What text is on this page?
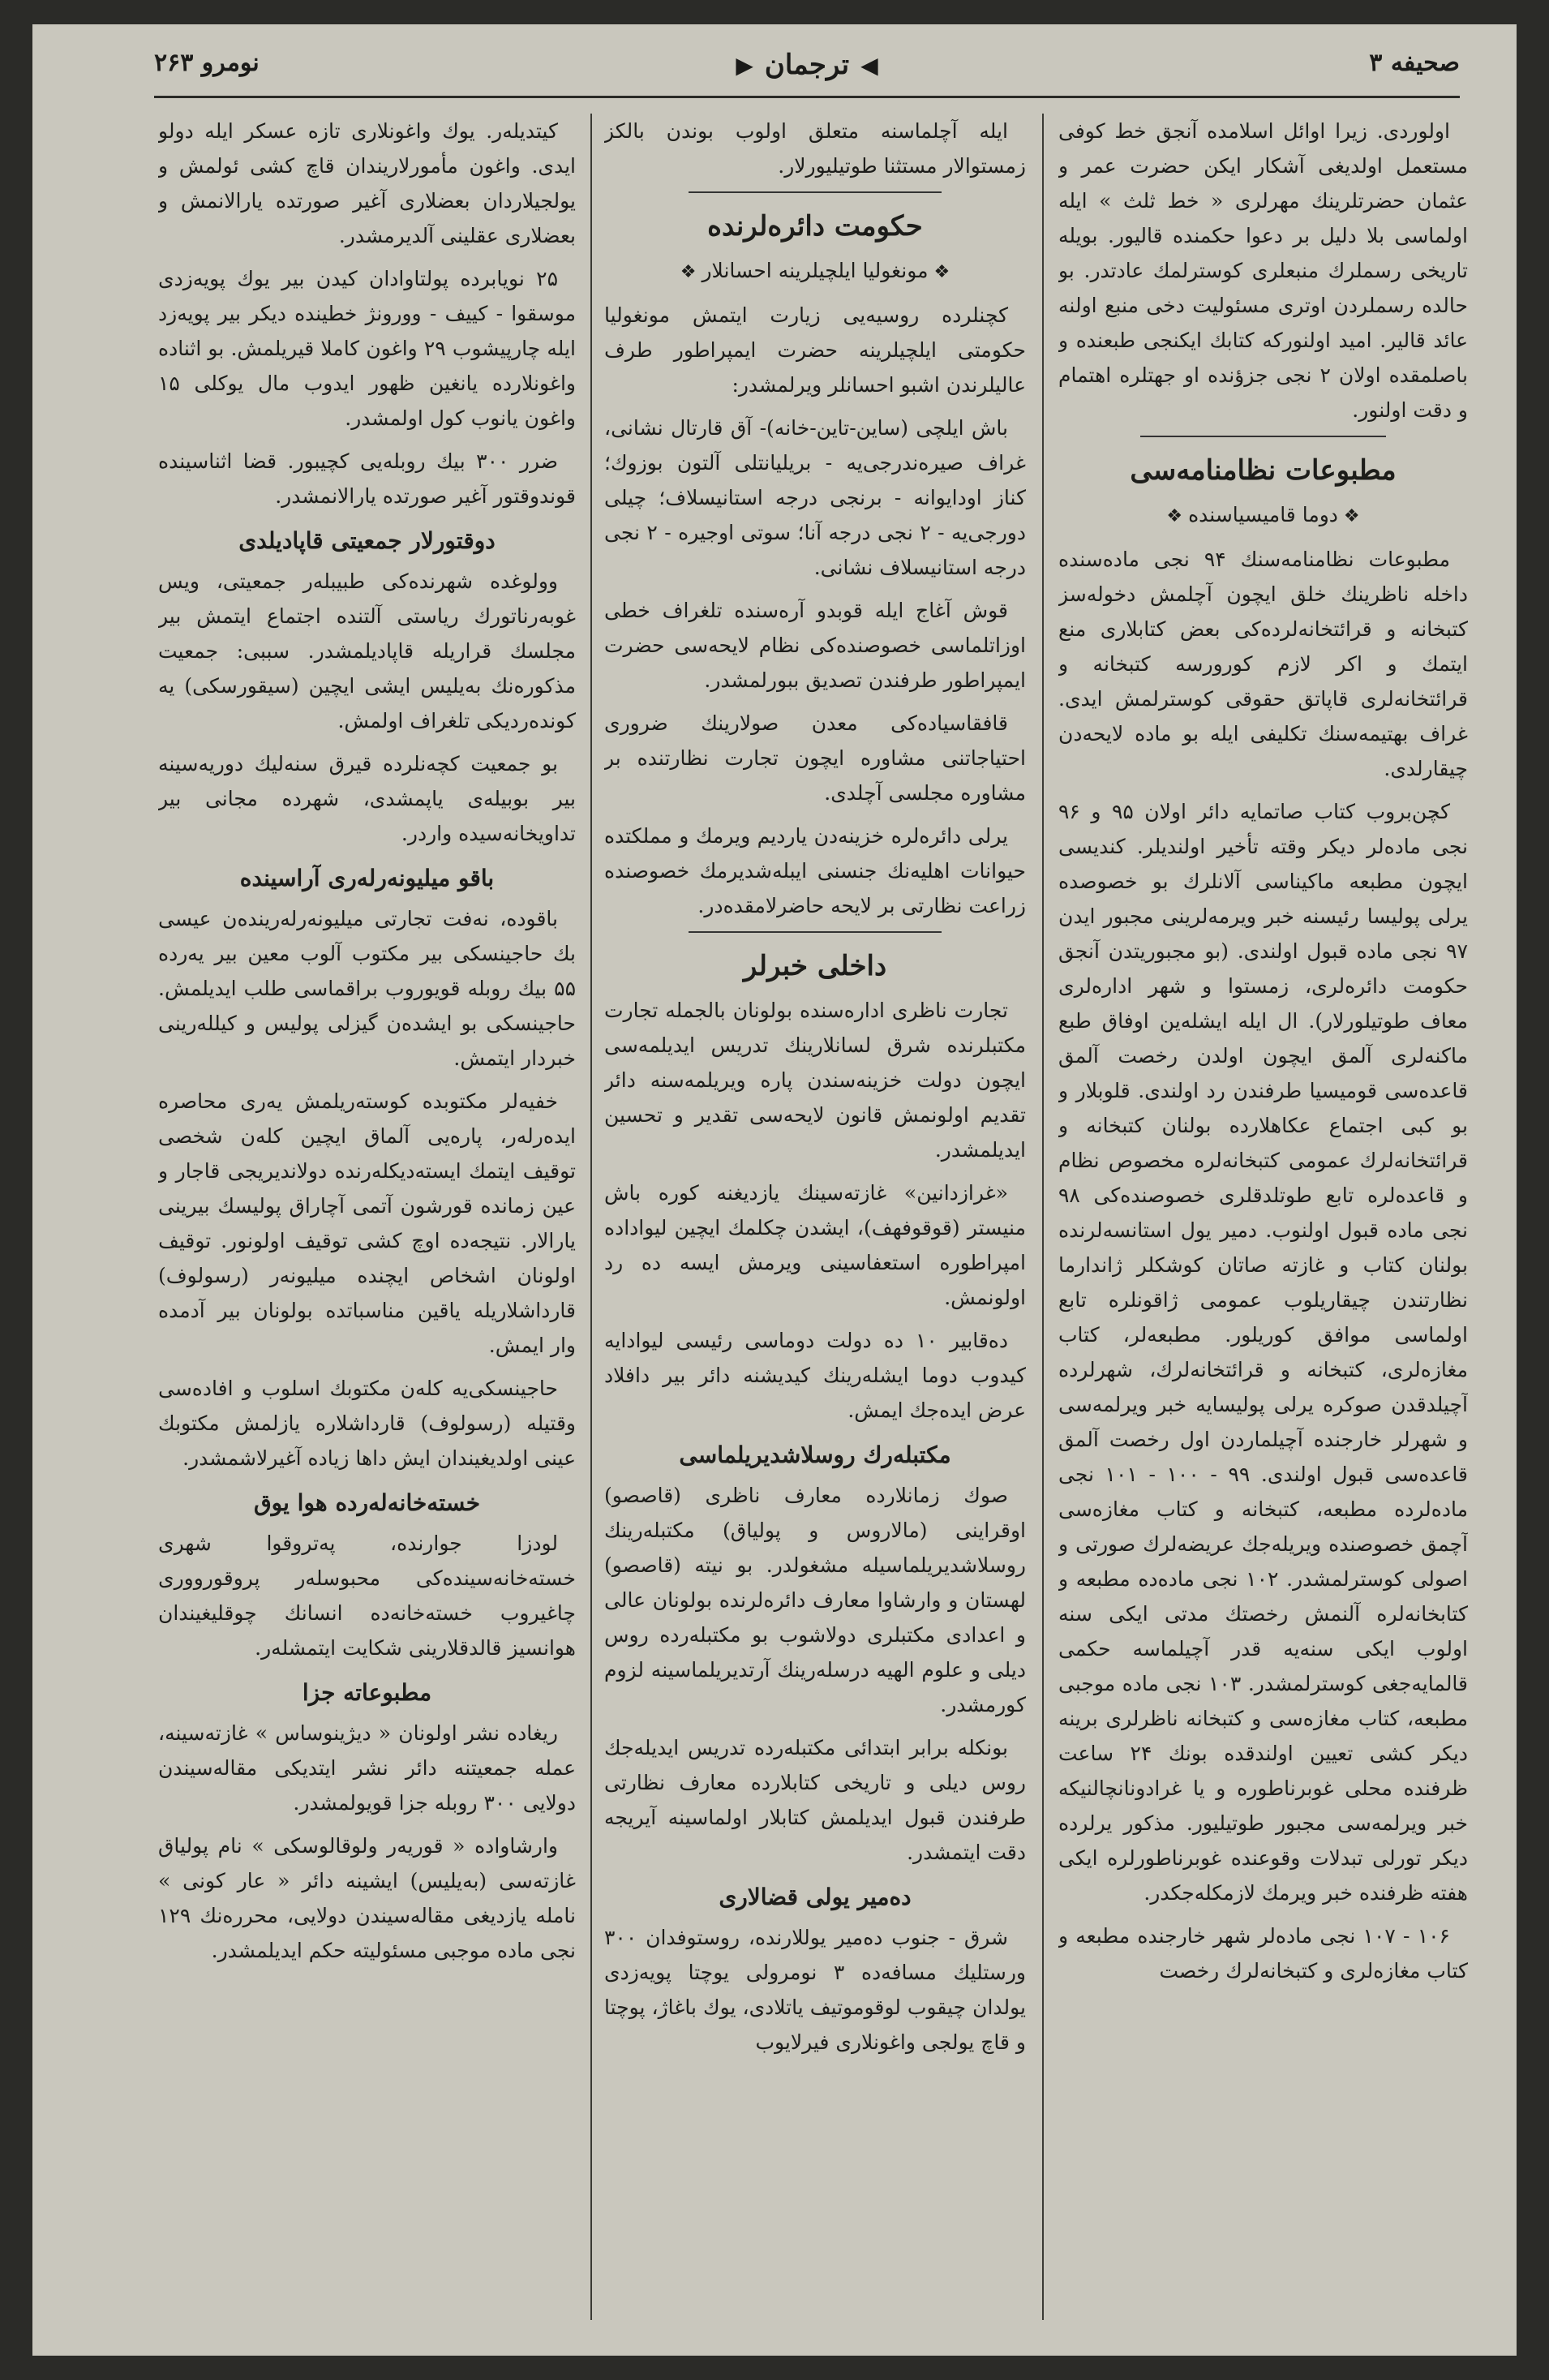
صحیفه ۳
◀
ترجمان
▶
نومرو ۲۶۳

اولوردی. زیرا اوائل اسلامده آنجق خط کوفی مستعمل اولدیغی آشکار ایکن حضرت عمر و عثمان حضرتلرینك مهرلری « خط ثلث » ایله اولماسی بلا دلیل بر دعوا حکمنده قالیور. بویله تاریخی رسملرك منبعلری کوسترلمك عادتدر. بو حالده رسملردن اوتری مسئولیت دخی منبع اولنه عائد قالیر. امید اولنورکه کتابك ایکنجی طبعنده و باصلمقده اولان ۲ نجی جزؤنده او جهتلره اهتمام و دقت اولنور.

مطبوعات نظامنامه‌سی
❖ دوما قامیسیاسنده ❖

مطبوعات نظامنامه‌سنك ۹۴ نجی ماده‌سنده داخله ناظرینك خلق ایچون آچلمش دخوله‌سز کتبخانه و قرائتخانه‌لرده‌کی بعض کتابلاری منع ایتمك و اکر لازم کورورسه کتبخانه و قرائتخانه‌لری قاپاتق حقوقی کوسترلمش ایدی. غراف بهتیمه‌سنك تکلیفی ایله بو ماده لایحه‌دن چیقارلدی.

کچن‌بروب کتاب صاتمایه دائر اولان ۹۵ و ۹۶ نجی ماده‌لر دیکر وقته تأخیر اولندیلر. کندیسی ایچون مطبعه ماکیناسی آلانلرك بو خصوصده یرلی پولیسا رئیسنه خبر ویرمه‌لرینی مجبور ایدن ۹۷ نجی ماده قبول اولندی. (بو مجبوریتدن آنجق حکومت دائره‌لری، زمستوا و شهر ادارەلری معاف طوتیلورلار). ال ایله ایشله‌ین اوفاق طبع ماکنه‌لری آلمق ایچون اولدن رخصت آلمق قاعده‌سی قومیسیا طرفندن رد اولندی. قلوبلار و بو کبی اجتماع عکاهلارده بولنان کتبخانه و قرائتخانه‌لرك عمومی کتبخانه‌لره مخصوص نظام و قاعده‌لره تابع طوتلدقلری خصوصنده‌کی ۹۸ نجی ماده قبول اولنوب. دمیر یول استانسه‌لرنده بولنان کتاب و غازته صاتان کوشکلر ژاندارما نظارتندن چیقاریلوب عمومی ژاقونلره تابع اولماسی موافق کوریلور. مطبعه‌لر، کتاب مغازه‌لری، کتبخانه و قرائتخانه‌لرك، شهرلرده آچیلدقدن صوکره یرلی پولیسایه خبر ویرلمه‌سی و شهرلر خارجنده آچیلماردن اول رخصت آلمق قاعده‌سی قبول اولندی. ۹۹ - ۱۰۰ - ۱۰۱ نجی ماده‌لرده مطبعه، کتبخانه و کتاب مغازه‌سی آچمق خصوصنده ویریله‌جك عریضه‌لرك صورتی و اصولی کوسترلمشدر. ۱۰۲ نجی ماده‌ده مطبعه و کتابخانه‌لره آلنمش رخصتك مدتی ایکی سنه اولوب ایکی سنه‌یه قدر آچیلماسه حکمی قالمایه‌جغی کوسترلمشدر. ۱۰۳ نجی ماده موجبی مطبعه، کتاب مغازه‌سی و کتبخانه ناظرلری برینه دیکر کشی تعیین اولندقده بونك ۲۴ ساعت ظرفنده محلی غوبرناطوره و یا غرادونانچالنیکه خبر ویرلمه‌سی مجبور طوتیلیور. مذکور یرلرده دیکر تورلی تبدلات وقوعنده غوبرناطورلره ایکی هفته ظرفنده خبر ویرمك لازمکله‌جکدر.

۱۰۶ - ۱۰۷ نجی ماده‌لر شهر خارجنده مطبعه و کتاب مغازه‌لری و کتبخانه‌لرك رخصت

ایله آچلماسنه متعلق اولوب بوندن بالکز زمستوا‌لار مستثنا طوتیلیورلار.

حکومت دائره‌لرنده
❖ مونغولیا ایلچیلرینه احسانلار ❖

کچنلرده روسیه‌یی زیارت ایتمش مونغولیا حکومتی ایلچیلرینه حضرت ایمپراطور طرف عالیلرندن اشبو احسانلر ویرلمشدر:

باش ایلچی (ساین-تاین-خانه)- آق قارتال نشانی، غراف صیره‌ندرجی‌یه - بریلیانتلی آلتون بوزوك؛ کناز اودایوانه - برنجی درجه استانیسلاف؛ چیلی دورجی‌یه - ۲ نجی درجه آنا؛ سوتی اوجیره - ۲ نجی درجه استانیسلاف نشانی.

قوش آغاج ایله قوبدو آره‌سنده تلغراف خطی اوزاتلماسی خصوصنده‌کی نظام لایحه‌سی حضرت ایمپراطور طرفندن تصدیق ببورلمشدر.

قافقاسیاده‌کی معدن صولارینك ضروری احتیاجاتنی مشاوره ایچون تجارت نظارتنده بر مشاوره مجلسی آچلدی.

یرلی دائره‌لره خزینه‌دن یاردیم ویرمك و مملکتده حیوانات اهلیه‌نك جنسنی ایبله‌شدیرمك خصوصنده زراعت نظارتی بر لایحه حاضرلامقده‌در.

داخلی خبرلر

تجارت ناظری اداره‌سنده بولونان بالجمله تجارت مکتبلرنده شرق لسانلارینك تدریس ایدیلمه‌سی ایچون دولت خزینه‌سندن پاره ویریلمه‌سنه دائر تقدیم اولونمش قانون لایحه‌سی تقدیر و تحسین ایدیلمشدر.

«غرازدانین» غازته‌سینك یازدیغنه کوره باش منیستر (قوقوفهف)، ایشدن چکلمك ایچین لیواداده امپراطوره استعفاسینی ویرمش ایسه ده رد اولونمش.

دەقابیر ۱۰ ده دولت دوماسی رئیسی لیوادایه کیدوب دوما ایشله‌رینك کیدیشنه دائر بیر دافلاد عرض ایده‌جك ایمش.

مکتبلەرك روسلاشدیریلماسی

صوك زمانلارده معارف ناظری (قاصصو) اوقراینی (مالاروس و پولیاق) مکتبلەرینك روسلاشدیریلماسیله مشغولدر. بو نیته (قاصصو) لهستان و وارشاوا معارف دائره‌لرنده بولونان عالی و اعدادی مکتبلری دولاشوب بو مکتبلەرده روس دیلی و علوم الهیه درسلەرینك آرتدیریلماسینه لزوم کورمشدر.

بونکله برابر ابتدائی مکتبلەرده تدریس ایدیله‌جك روس دیلی و تاریخی کتابلارده معارف نظارتی طرفندن قبول ایدیلمش کتابلار اولماسینه آیریجه دقت ایتمشدر.

دەمیر یولی قضالاری

شرق - جنوب دەمیر یوللارنده، روستوفدان ۳۰۰ ورستلیك مسافەده ۳ نومرولی یوچتا پویەزدی یولدان چیقوب لوقوموتیف یاتلادی، یوك باغاژ، پوچتا و قاچ یولجی واغونلاری فیرلایوب

کیتدیلەر. یوك واغونلاری تازه عسکر ایله دولو ایدی. واغون مأمورلاریندان قاچ کشی ئولمش و یولجیلاردان بعضلاری آغیر صورتده یارالانمش و بعضلاری عقلینی آلدیرمشدر.

۲۵ نویابرده پولتاوادان کیدن بیر یوك پویەزدی موسقوا - کییف - وورونژ خطینده دیکر بیر پویەزد ایله چارپیشوب ۲۹ واغون کاملا قیریلمش. بو اثناده واغونلارده یانغین ظهور ایدوب مال یوکلی ۱۵ واغون یانوب کول اولمشدر.

ضرر ۳۰۰ بیك روبله‌یی کچیبور. قضا اثناسینده قوندوقتور آغیر صورتده یارالانمشدر.

دوقتورلار جمعیتی قاپادیلدی

وولوغده شهرنده‌کی طبیبلەر جمعیتی، ویس غوبەرناتورك ریاستی آلتنده اجتماع ایتمش بیر مجلسك قراریله قاپادیلمشدر. سببی: جمعیت مذکوره‌نك بەیلیس ایشی ایچین (سیقورسکی) یه کوندەردیکی تلغراف اولمش.

بو جمعیت کچه‌نلرده قیرق سنه‌لیك دوریه‌سینه بیر بوبیلەی یاپمشدی، شهرده مجانی بیر تداویخانه‌سیده واردر.

باقو میلیونه‌رلەری آراسینده

باقوده، نه‌فت تجارتی میلیونه‌رلەریندەن عیسی بك حاجینسکی بیر مکتوب آلوب معین بیر یەرده ۵۵ بیك روبله قویوروب براقماسی طلب ایدیلمش. حاجینسکی بو ایشدەن گیزلی پولیس و کیللەرینی خبردار ایتمش.

خفیەلر مکتوبده کوستەریلمش یەری محاصره ایده‌رلەر، پاره‌یی آلماق ایچین کلەن شخصی توقیف ایتمك ایسته‌دیکلەرنده دولاندیریجی قاجار و عین زمانده قورشون آتمی آچاراق پولیسك بیرینی یارالار. نتیجه‌ده اوچ کشی توقیف اولونور. توقیف اولونان اشخاص ایچنده میلیونه‌ر (رسولوف) قارداشلاریله یاقین مناسباتده بولونان بیر آدمده وار ایمش.

حاجینسکی‌یه کلەن مکتوبك اسلوب و افاده‌سی وقتیله (رسولوف) قارداشلاره یازلمش مکتوبك عینی اولدیغیندان ایش داها زیاده آغیرلاشمشدر.

خستەخانەلەرده هوا یوق

لودزا جوارنده، پەتروقوا شهری خستەخانەسینده‌کی محبوسلەر پروقورووری چاغیروب خستەخانەده انسانك چوقلیغیندان هوانسیز قالدقلارینی شکایت ایتمشلەر.

مطبوعاته جزا

ریغاده نشر اولونان « دیژینوساس » غازته‌سینه، عمله جمعیتنه دائر نشر ایتدیکی مقاله‌سیندن دولایی ۳۰۰ روبله جزا قویولمشدر.

وارشاواده « قوریەر ولوقالوسکی » نام پولیاق غازته‌سی (بەیلیس) ایشینه دائر « عار کونی » نامله یازدیغی مقاله‌سیندن دولایی، محرره‌نك ۱۲۹ نجی ماده موجبی مسئولیته حکم ایدیلمشدر.
